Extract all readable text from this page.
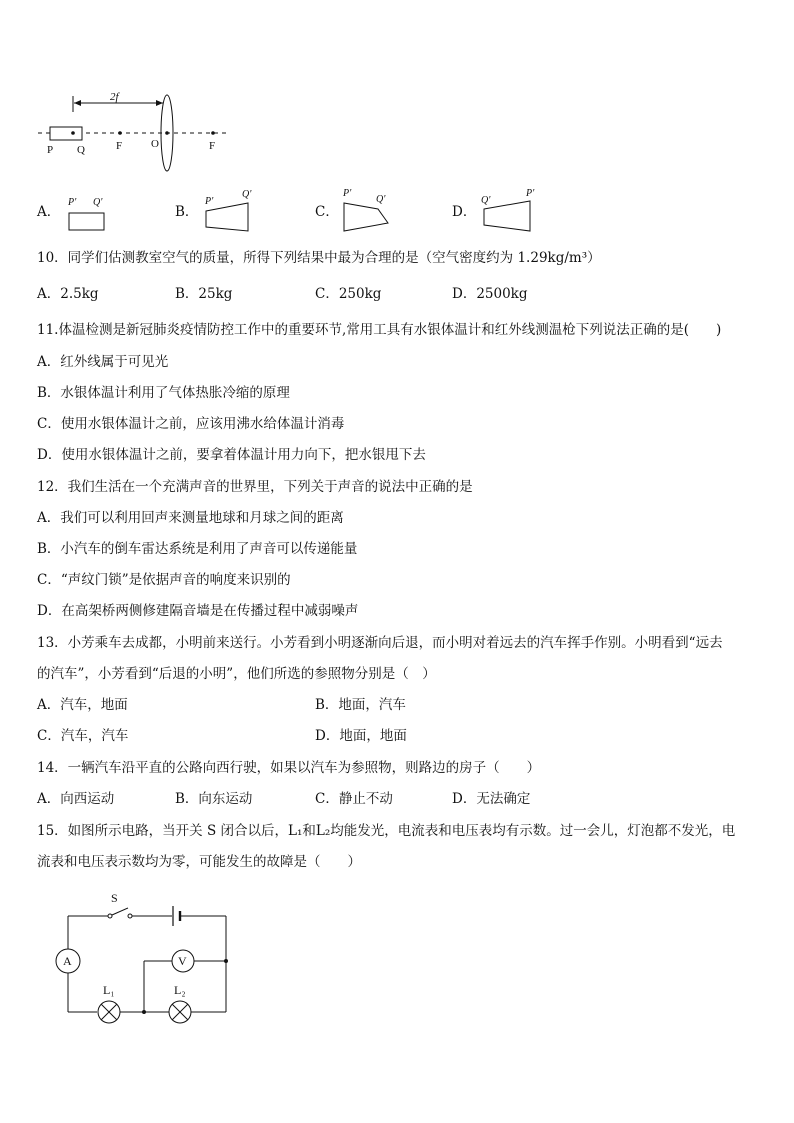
2f
P Q	F	O	F
A．
P' Q'
B．
P'
Q'
C．
P'
Q'
D．
Q'
P'
10．同学们估测教室空气的质量，所得下列结果中最为合理的是（空气密度约为 1.29kg/m³）
A．2.5kg	B．25kg	C．250kg	D．2500kg
11.体温检测是新冠肺炎疫情防控工作中的重要环节,常用工具有水银体温计和红外线测温枪下列说法正确的是(　　)
A．红外线属于可见光
B．水银体温计利用了气体热胀冷缩的原理
C．使用水银体温计之前，应该用沸水给体温计消毒
D．使用水银体温计之前，要拿着体温计用力向下，把水银甩下去
12．我们生活在一个充满声音的世界里，下列关于声音的说法中正确的是
A．我们可以利用回声来测量地球和月球之间的距离
B．小汽车的倒车雷达系统是利用了声音可以传递能量
C．“声纹门锁”是依据声音的响度来识别的
D．在高架桥两侧修建隔音墙是在传播过程中减弱噪声
13．小芳乘车去成都，小明前来送行。小芳看到小明逐渐向后退，而小明对着远去的汽车挥手作别。小明看到“远去
的汽车”，小芳看到“后退的小明”，他们所选的参照物分别是（　）
A．汽车，地面	B．地面，汽车
C．汽车，汽车	D．地面，地面
14．一辆汽车沿平直的公路向西行驶，如果以汽车为参照物，则路边的房子（　　）
A．向西运动	B．向东运动	C．静止不动	D．无法确定
15．如图所示电路，当开关 S 闭合以后，L₁和L₂均能发光，电流表和电压表均有示数。过一会儿，灯泡都不发光，电
流表和电压表示数均为零，可能发生的故障是（　　）
S
A
L₁	L₂
V
